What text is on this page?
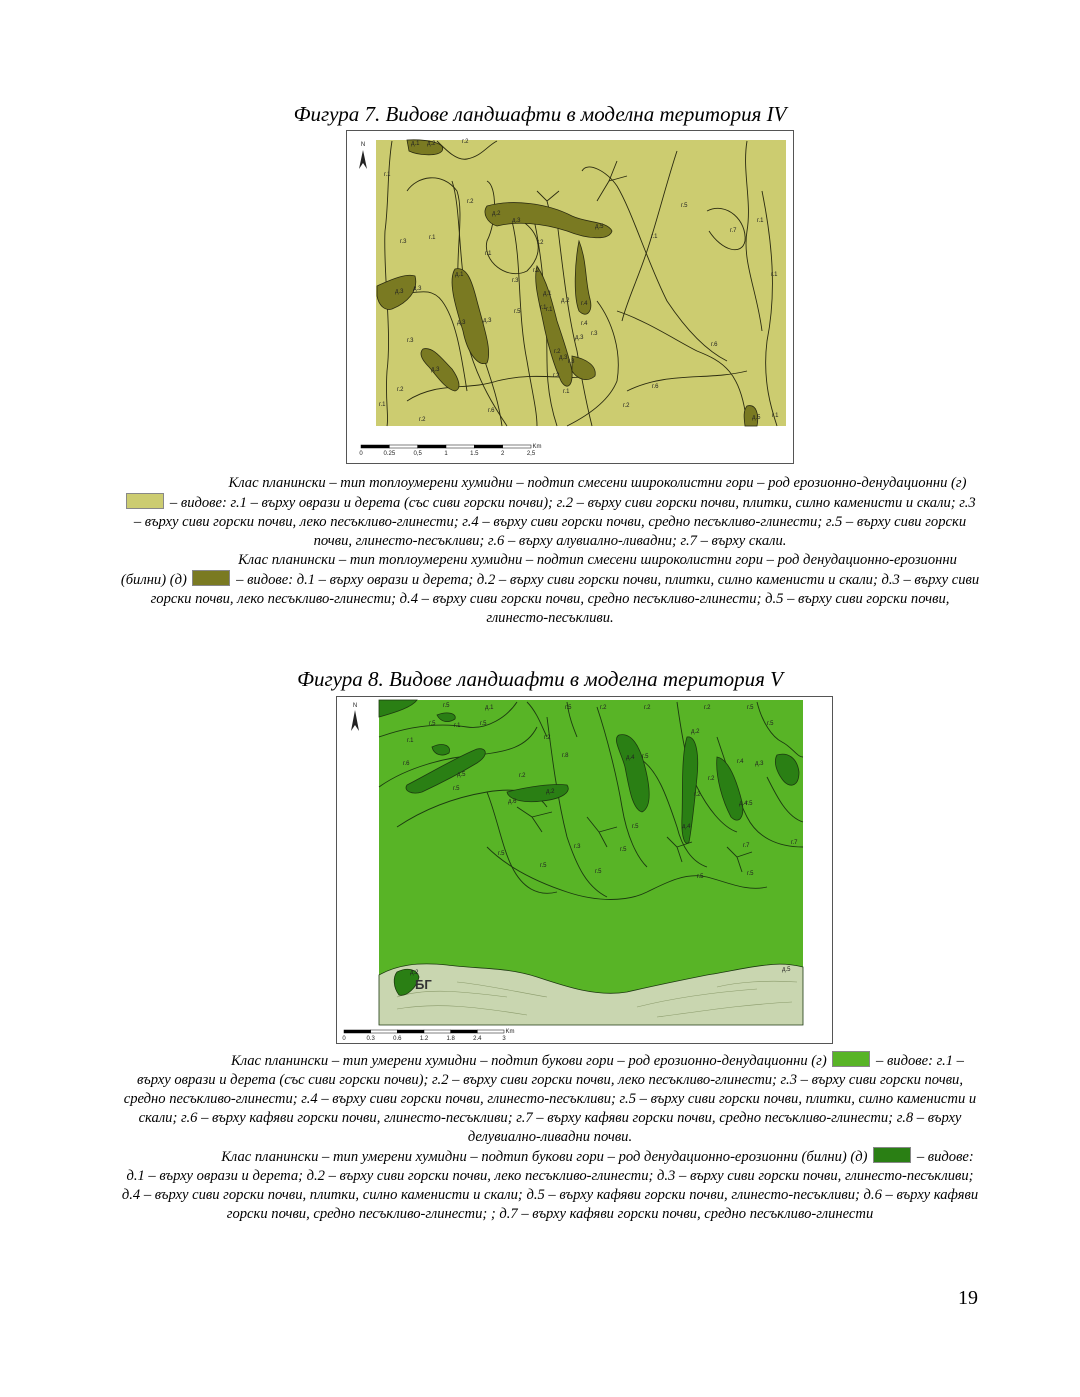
Фигура 7. Видове ландшафти в моделна територия IV
г.1
д.1 д.2	г.2
г.3
г.2
д.2
д.3
г.1
г.5
г.7
г.3
г.1
г.1
д.3 д.3
д.5
г.2
г.1
д.1
г.3
г.2
г.1
г.5
д.3
д.3
г.1
д.1
д.2 г.4
г.4
г.3
д.3
г.1
г.2
д.3
г.3
г.6
д.3
г.2
г.6
г.2
г.1
г.2
г.6
г.1
г.2
д.5 г.1
N
0	0.25	0,5	1	1.5	2	2,5
Km

Клас планински – тип топлоумерени хумидни – подтип смесени широколистни гори – род ерозионно-денудационни (г)  – видове: г.1 – върху оврази и дерета (със сиви горски почви); г.2 – върху сиви горски почви, плитки, силно каменисти и скали; г.3 – върху сиви горски почви, леко песъкливо-глинести; г.4 – върху сиви горски почви, средно песъкливо-глинести; г.5 – върху сиви горски почви, глинесто-песъкливи; г.6 – върху алувиално-ливадни; г.7 – върху скали.

Клас планински – тип топлоумерени хумидни – подтип смесени широколистни гори – род денудационно-ерозионни (билни) (д)	– видове: д.1 – върху оврази и дерета; д.2 – върху сиви горски почви, плитки, силно каменисти и скали; д.3 – върху сиви горски почви, леко песъкливо-глинести; д.4 – върху сиви горски почви, средно песъкливо-глинести; д.5 – върху сиви горски почви, глинесто-песъкливи.

Фигура 8. Видове ландшафти в моделна територия V
г.5	д.1	г.5	г.2	г.2	г.2	г.5
г.5	г.1	г.5
г.2
д.2
г.5
г.1
г.8
г.6	д.3
г.2
г.5
д.4
г.4
д.5
г.2
г.5
д.2
д.6
г.2
г.5
д.4
д.4
г.5
г.3	г.5
г.7
г.5
г.5	г.5
г.7
г.5
д.5
д.2
г.5
БГ
N
0	0.3	0.6	1.2	1.8	2.4	3
Km

Клас планински – тип умерени хумидни – подтип букови гори – род ерозионно-денудационни (г)	– видове: г.1 – върху оврази и дерета (със сиви горски почви); г.2 – върху сиви горски почви, леко песъкливо-глинести; г.3 – върху сиви горски почви, средно песъкливо-глинести; г.4 – върху сиви горски почви, глинесто-песъкливи; г.5 – върху сиви горски почви, плитки, силно каменисти и скали; г.6 – върху кафяви горски почви, глинесто-песъкливи; г.7 – върху кафяви горски почви, средно песъкливо-глинести; г.8 – върху делувиално-ливадни почви.

Клас планински – тип умерени хумидни – подтип букови гори – род денудационно-ерозионни (билни) (д)	– видове: д.1 – върху оврази и дерета; д.2 – върху сиви горски почви, леко песъкливо-глинести; д.3 – върху сиви горски почви, глинесто-песъкливи; д.4 – върху сиви горски почви, плитки, силно каменисти и скали; д.5 – върху кафяви горски почви, глинесто-песъкливи; д.6 – върху кафяви горски почви, средно песъкливо-глинести; ; д.7 – върху кафяви горски почви, средно песъкливо-глинести

19
